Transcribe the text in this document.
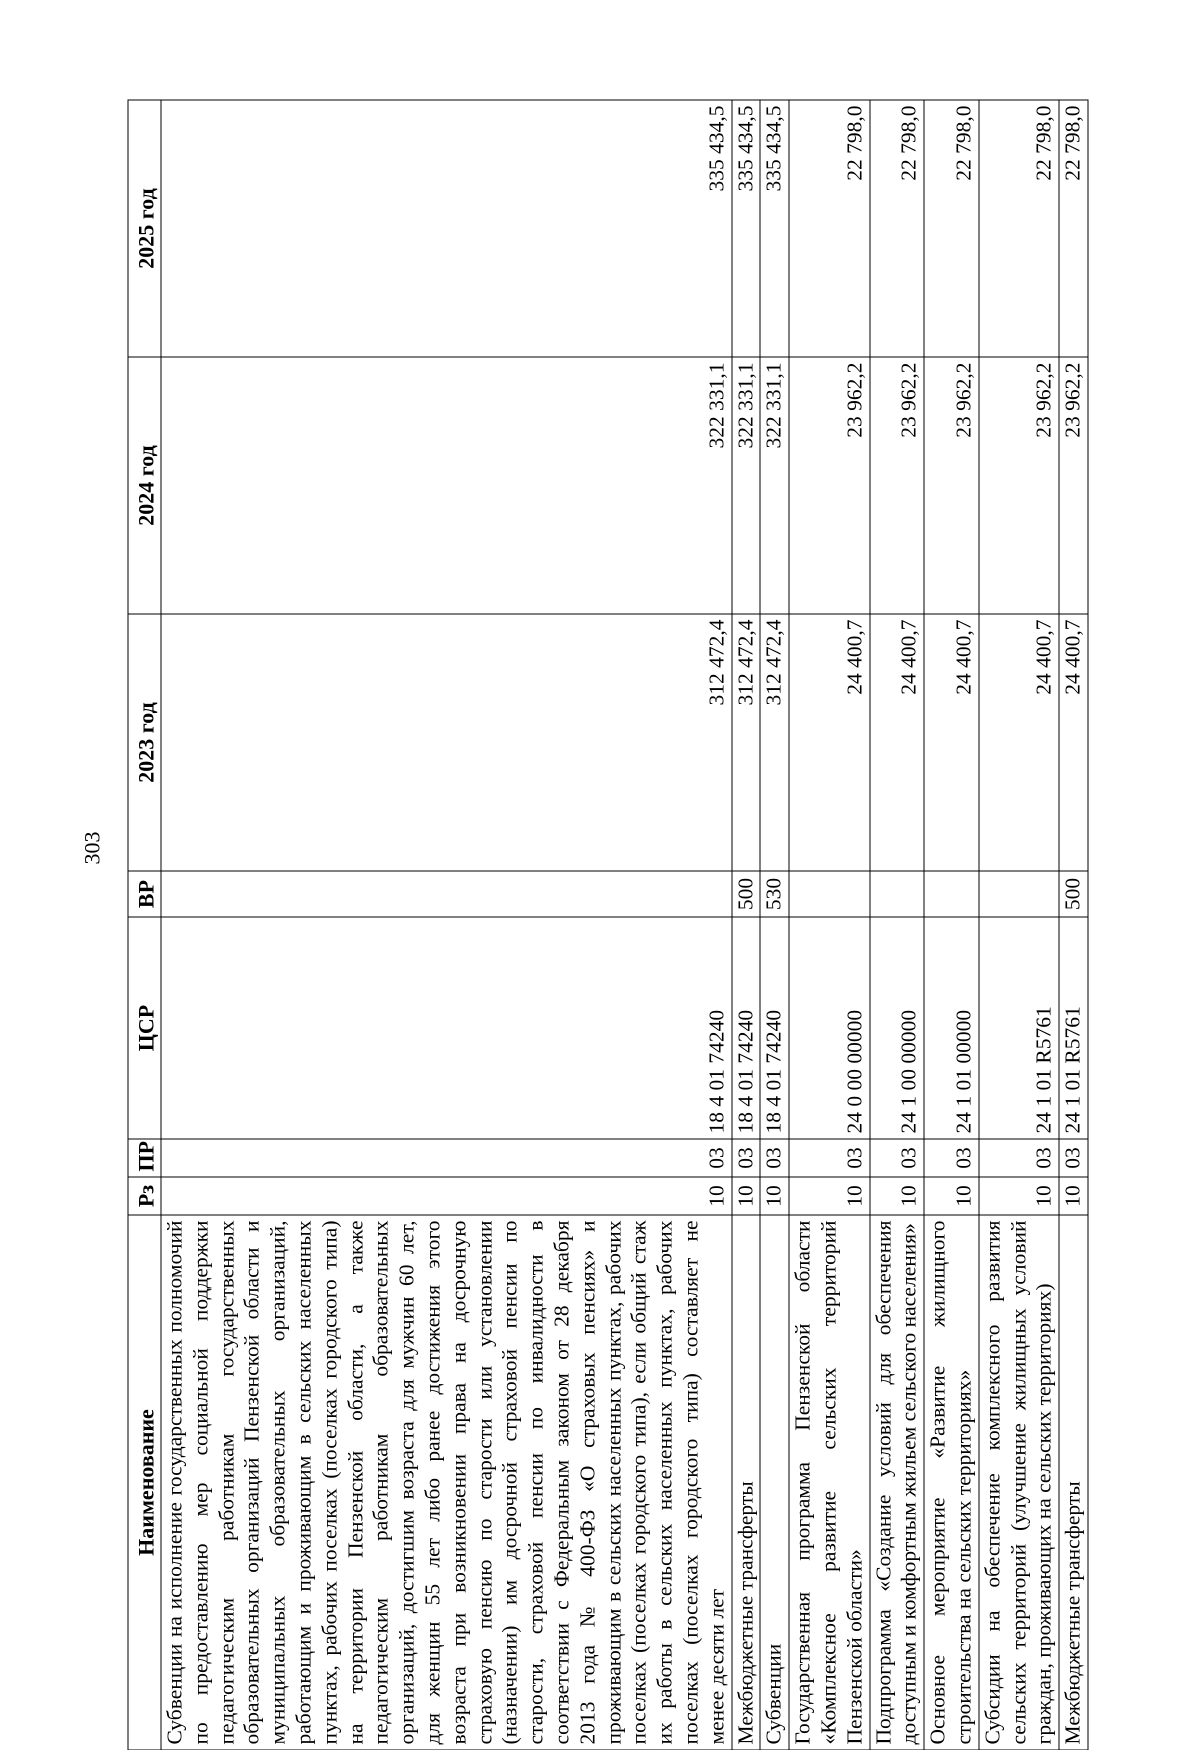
303
Наименование	Рз	ПР	ЦСР	ВР	2023 год	2024 год	2025 год
Субвенции на исполнение государственных полномочий по предоставлению мер социальной поддержки педагогическим работникам государственных образовательных организаций Пензенской области и муниципальных образовательных организаций, работающим и проживающим в сельских населенных пунктах, рабочих поселках (поселках городского типа) на территории Пензенской области, а также педагогическим работникам образовательных организаций, достигшим возраста для мужчин 60 лет, для женщин 55 лет либо ранее достижения этого возраста при возникновении права на досрочную страховую пенсию по старости или установлении (назначении) им досрочной страховой пенсии по старости, страховой пенсии по инвалидности в соответствии с Федеральным законом от 28 декабря 2013 года № 400-ФЗ «О страховых пенсиях» и проживающим в сельских населенных пунктах, рабочих поселках (поселках городского типа), если общий стаж их работы в сельских населенных пунктах, рабочих поселках (поселках городского типа) составляет не менее десяти лет	10	03	18 4 01 74240		312 472,4	322 331,1	335 434,5
Межбюджетные трансферты	10	03	18 4 01 74240	500	312 472,4	322 331,1	335 434,5
Субвенции	10	03	18 4 01 74240	530	312 472,4	322 331,1	335 434,5
Государственная программа Пензенской области «Комплексное развитие сельских территорий Пензенской области»	10	03	24 0 00 00000		24 400,7	23 962,2	22 798,0
Подпрограмма «Создание условий для обеспечения доступным и комфортным жильем сельского населения»	10	03	24 1 00 00000		24 400,7	23 962,2	22 798,0
Основное мероприятие «Развитие жилищного строительства на сельских территориях»	10	03	24 1 01 00000		24 400,7	23 962,2	22 798,0
Субсидии на обеспечение комплексного развития сельских территорий (улучшение жилищных условий граждан, проживающих на сельских территориях)	10	03	24 1 01 R5761		24 400,7	23 962,2	22 798,0
Межбюджетные трансферты	10	03	24 1 01 R5761	500	24 400,7	23 962,2	22 798,0
